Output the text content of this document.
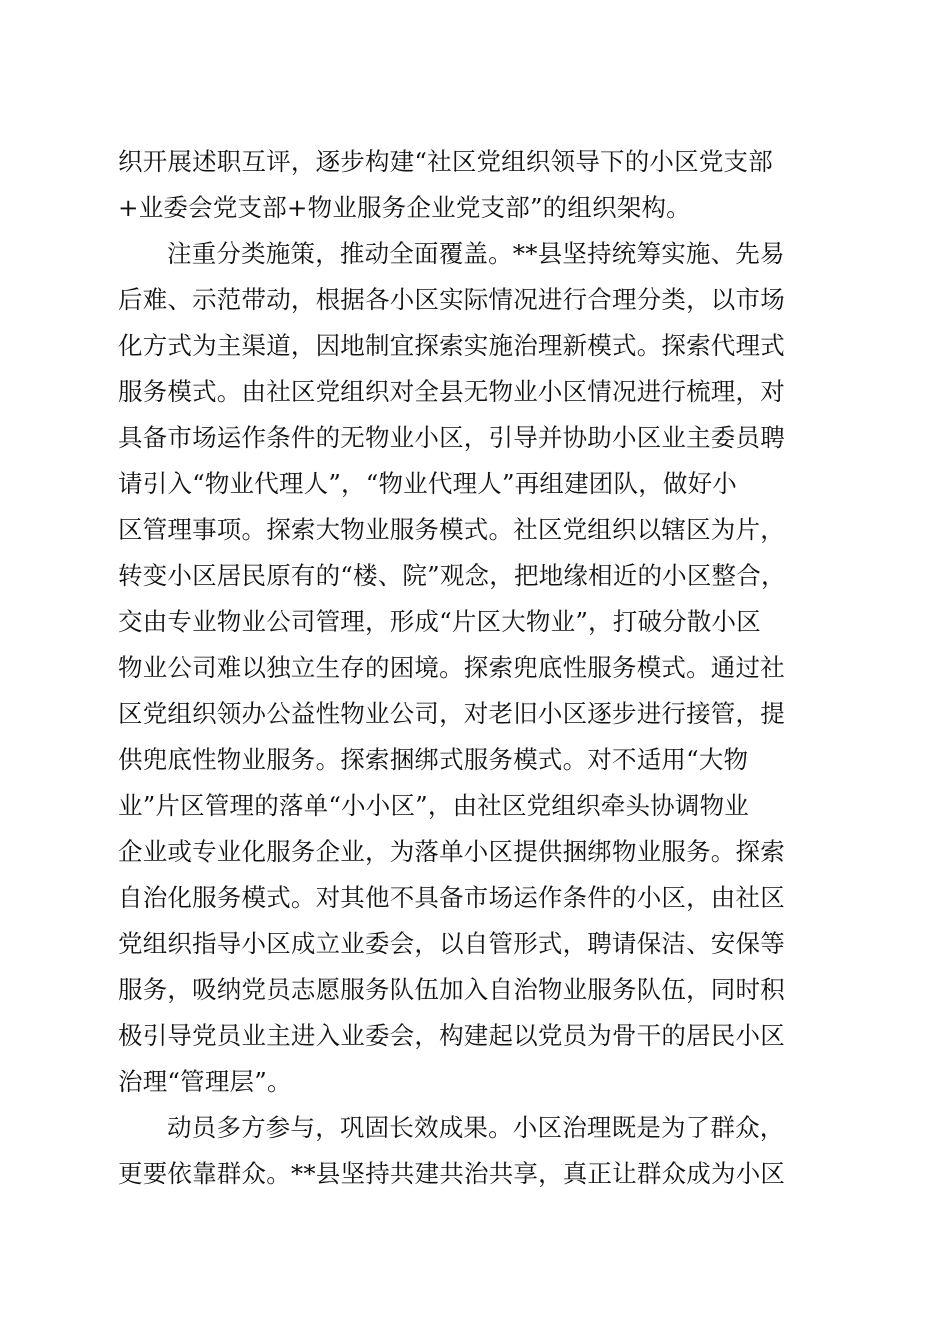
织开展述职互评，逐步构建“社区党组织领导下的小区党支部
+业委会党支部+物业服务企业党支部”的组织架构。
注重分类施策，推动全面覆盖。**县坚持统筹实施、先易
后难、示范带动，根据各小区实际情况进行合理分类，以市场
化方式为主渠道，因地制宜探索实施治理新模式。探索代理式
服务模式。由社区党组织对全县无物业小区情况进行梳理，对
具备市场运作条件的无物业小区，引导并协助小区业主委员聘
请引入“物业代理人”，“物业代理人”再组建团队，做好小
区管理事项。探索大物业服务模式。社区党组织以辖区为片，
转变小区居民原有的“楼、院”观念，把地缘相近的小区整合，
交由专业物业公司管理，形成“片区大物业”，打破分散小区
物业公司难以独立生存的困境。探索兜底性服务模式。通过社
区党组织领办公益性物业公司，对老旧小区逐步进行接管，提
供兜底性物业服务。探索捆绑式服务模式。对不适用“大物
业”片区管理的落单“小小区”，由社区党组织牵头协调物业
企业或专业化服务企业，为落单小区提供捆绑物业服务。探索
自治化服务模式。对其他不具备市场运作条件的小区，由社区
党组织指导小区成立业委会，以自管形式，聘请保洁、安保等
服务，吸纳党员志愿服务队伍加入自治物业服务队伍，同时积
极引导党员业主进入业委会，构建起以党员为骨干的居民小区
治理“管理层”。
动员多方参与，巩固长效成果。小区治理既是为了群众，
更要依靠群众。**县坚持共建共治共享，真正让群众成为小区
